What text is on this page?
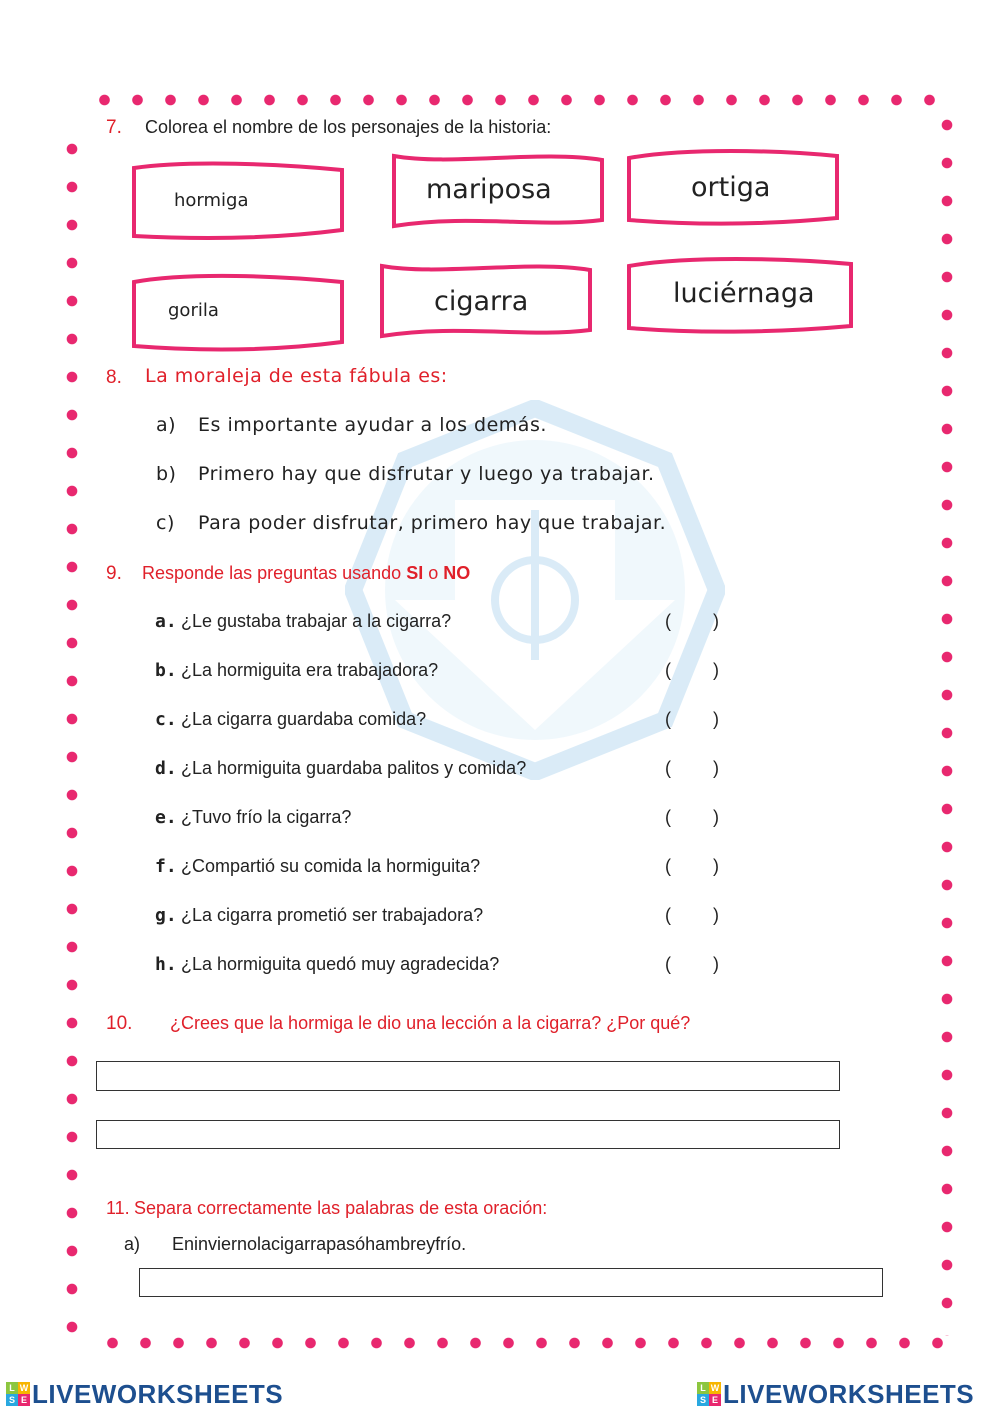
7. Colorea el nombre de los personajes de la historia:
hormiga	mariposa	ortiga
gorila	cigarra	luciérnaga
8. La moraleja de esta fábula es:
a) Es importante ayudar a los demás.
b) Primero hay que disfrutar y luego ya trabajar.
c) Para poder disfrutar, primero hay que trabajar.
9. Responde las preguntas usando SI o NO
a. ¿Le gustaba trabajar a la cigarra?	( )
b. ¿La hormiguita era trabajadora?	( )
c. ¿La cigarra guardaba comida?	( )
d. ¿La hormiguita guardaba palitos y comida?	( )
e. ¿Tuvo frío la cigarra?	( )
f. ¿Compartió su comida la hormiguita?	( )
g. ¿La cigarra prometió ser trabajadora?	( )
h. ¿La hormiguita quedó muy agradecida?	( )
10. ¿Crees que la hormiga le dio una lección a la cigarra? ¿Por qué?
11. Separa correctamente las palabras de esta oración:
a) Eninviernolacigarrapasóhambreyfrío.
L W
S E LIVEWORKSHEETS	L W
S E LIVEWORKSHEETS
